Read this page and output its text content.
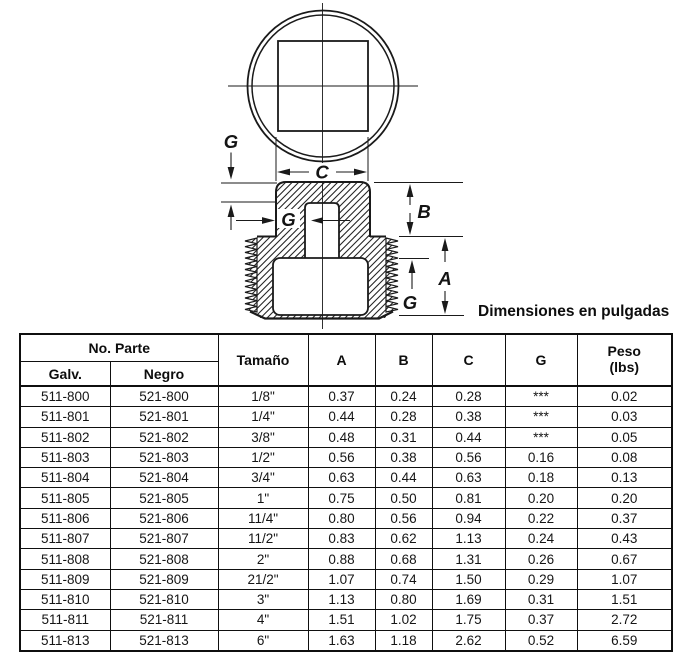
C
G
G	B
A
G	Dimensiones en pulgadas
No. Parte		Tamaño	A	B	C	G	Peso
(lbs)

Galv.	Negro						
511-800	521-800	1/8"	0.37	0.24	0.28	***	0.02
511-801	521-801	1/4"	0.44	0.28	0.38	***	0.03
511-802	521-802	3/8"	0.48	0.31	0.44	***	0.05
511-803	521-803	1/2"	0.56	0.38	0.56	0.16	0.08
511-804	521-804	3/4"	0.63	0.44	0.63	0.18	0.13
511-805	521-805	1"	0.75	0.50	0.81	0.20	0.20
511-806	521-806	11/4"	0.80	0.56	0.94	0.22	0.37
511-807	521-807	11/2"	0.83	0.62	1.13	0.24	0.43
511-808	521-808	2"	0.88	0.68	1.31	0.26	0.67
511-809	521-809	21/2"	1.07	0.74	1.50	0.29	1.07
511-810	521-810	3"	1.13	0.80	1.69	0.31	1.51
511-811	521-811	4"	1.51	1.02	1.75	0.37	2.72
511-813	521-813	6"	1.63	1.18	2.62	0.52	6.59
